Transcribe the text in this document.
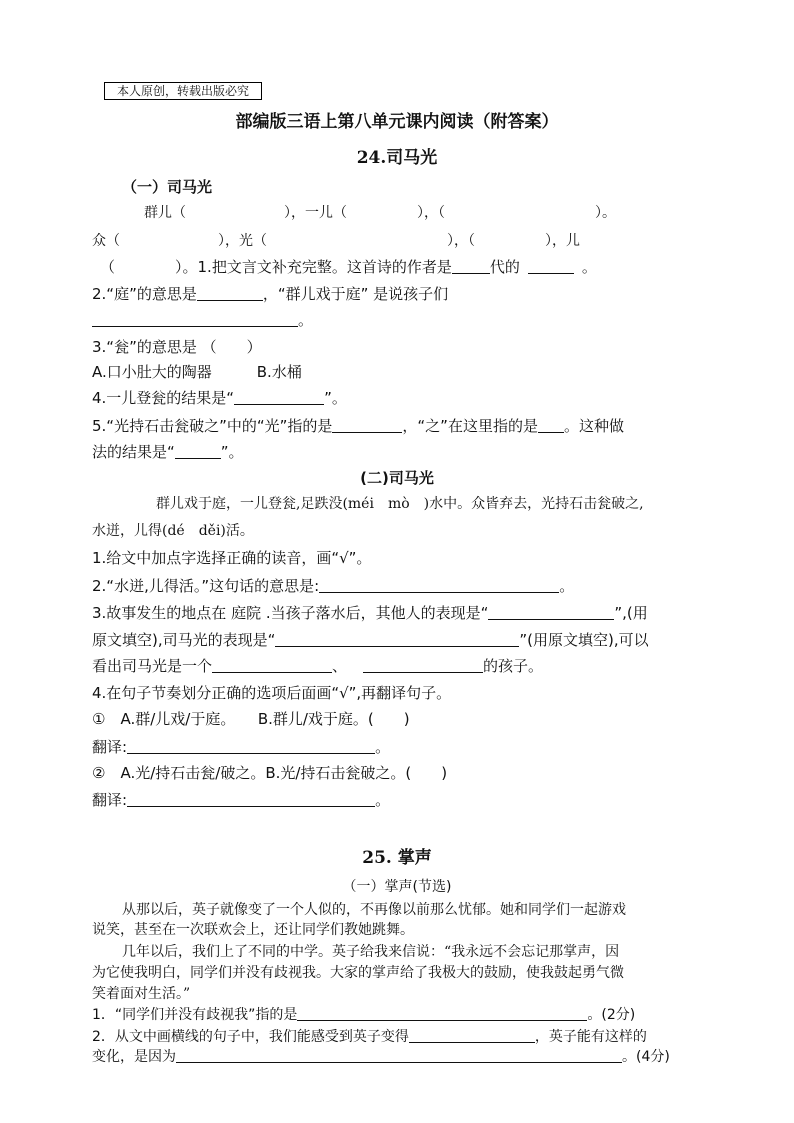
本人原创，转载出版必究
部编版三语上第八单元课内阅读（附答案）
24.司马光
（一）司马光
群儿（	），一儿（	），（	）。
众（	），光（	），（	），儿
（	）。1.把文言文补充完整。这首诗的作者是	代的	。
2.“庭”的意思是	，“群儿戏于庭” 是说孩子们
。
3.“瓮”的意思是 （　　）
A.口小肚大的陶器　　　B.水桶
4.一儿登瓮的结果是“	”。
5.“光持石击瓮破之”中的“光”指的是	，“之”在这里指的是 。这种做
法的结果是“	”。
(二)司马光
群儿戏于庭，一儿登瓮,足跌没(méi　mò　)水中。众皆弃去，光持石击瓮破之,
水迸，儿得(dé　děi)活。
1.给文中加点字选择正确的读音，画“√”。
2.“水迸,儿得活。”这句话的意思是:	。
3.故事发生的地点在 庭院 .当孩子落水后，其他人的表现是“	”,(用
原文填空),司马光的表现是“	”(用原文填空),可以
看出司马光是一个	、	的孩子。
4.在句子节奏划分正确的选项后面画“√”,再翻译句子。
①　A.群/儿戏/于庭。　　B.群儿/戏于庭。(　　)
翻译:	。
②　A.光/持石击瓮/破之。B.光/持石击瓮破之。(　　)
翻译:	。
25. 掌声
（一）掌声(节选)
从那以后，英子就像变了一个人似的，不再像以前那么忧郁。她和同学们一起游戏
说笑，甚至在一次联欢会上，还让同学们教她跳舞。
几年以后，我们上了不同的中学。英子给我来信说：“我永远不会忘记那掌声，因
为它使我明白，同学们并没有歧视我。大家的掌声给了我极大的鼓励，使我鼓起勇气微
笑着面对生活。”
1．“同学们并没有歧视我”指的是	。(2分)
2．从文中画横线的句子中，我们能感受到英子变得	，英子能有这样的
变化，是因为	。(4分)
